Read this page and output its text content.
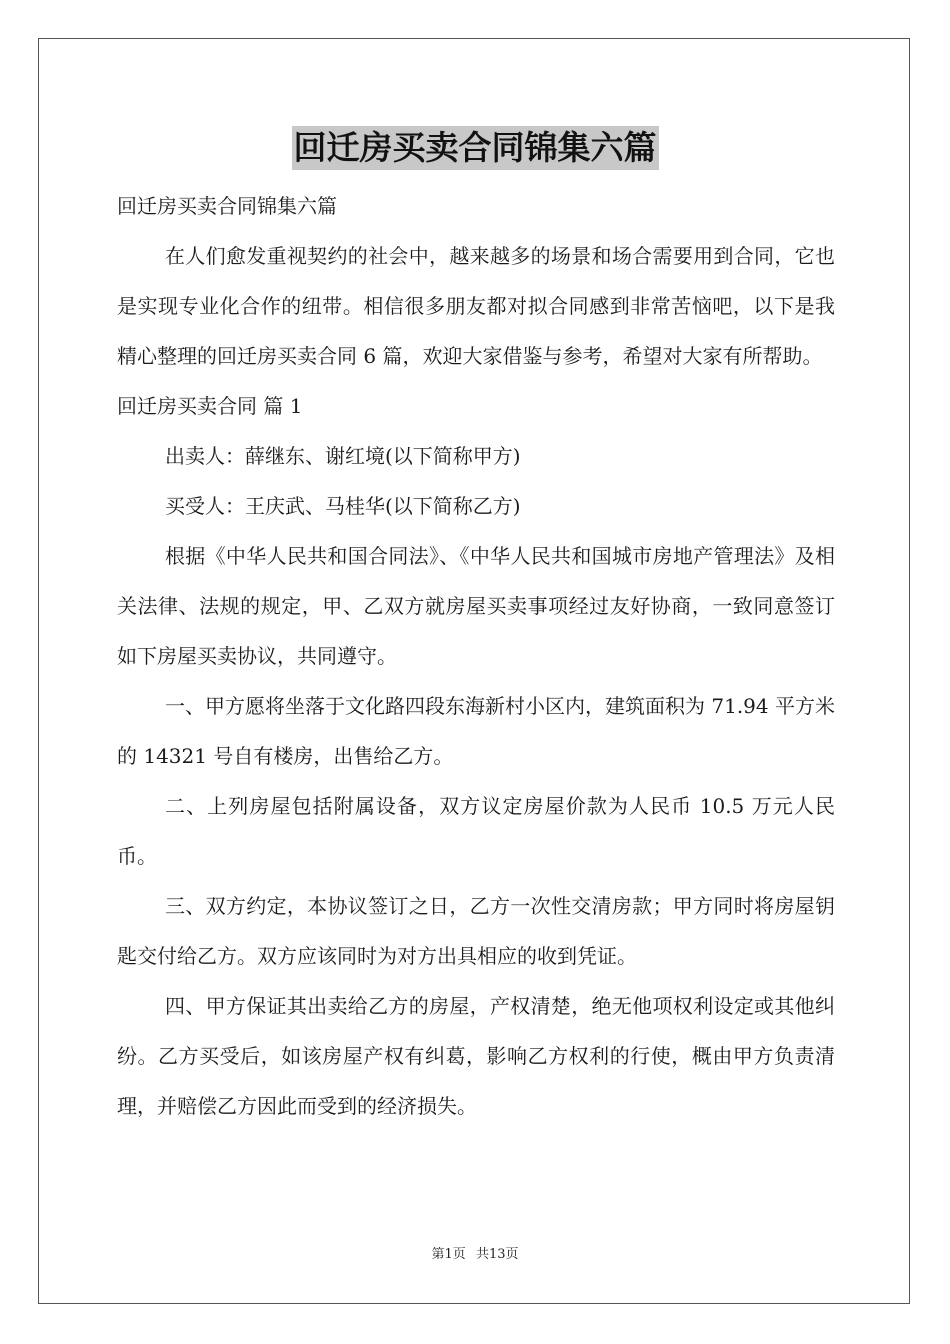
回迁房买卖合同锦集六篇

回迁房买卖合同锦集六篇

在人们愈发重视契约的社会中，越来越多的场景和场合需要用到合同，它也是实现专业化合作的纽带。相信很多朋友都对拟合同感到非常苦恼吧，以下是我精心整理的回迁房买卖合同 6 篇，欢迎大家借鉴与参考，希望对大家有所帮助。

回迁房买卖合同 篇 1

出卖人：薛继东、谢红境(以下简称甲方)

买受人：王庆武、马桂华(以下简称乙方)

根据《中华人民共和国合同法》、《中华人民共和国城市房地产管理法》及相关法律、法规的规定，甲、乙双方就房屋买卖事项经过友好协商，一致同意签订如下房屋买卖协议，共同遵守。

一、甲方愿将坐落于文化路四段东海新村小区内，建筑面积为 71.94 平方米的 14321 号自有楼房，出售给乙方。

二、上列房屋包括附属设备，双方议定房屋价款为人民币 10.5 万元人民币。

三、双方约定，本协议签订之日，乙方一次性交清房款；甲方同时将房屋钥匙交付给乙方。双方应该同时为对方出具相应的收到凭证。

四、甲方保证其出卖给乙方的房屋，产权清楚，绝无他项权利设定或其他纠纷。乙方买受后，如该房屋产权有纠葛，影响乙方权利的行使，概由甲方负责清理，并赔偿乙方因此而受到的经济损失。

第1页 共13页
